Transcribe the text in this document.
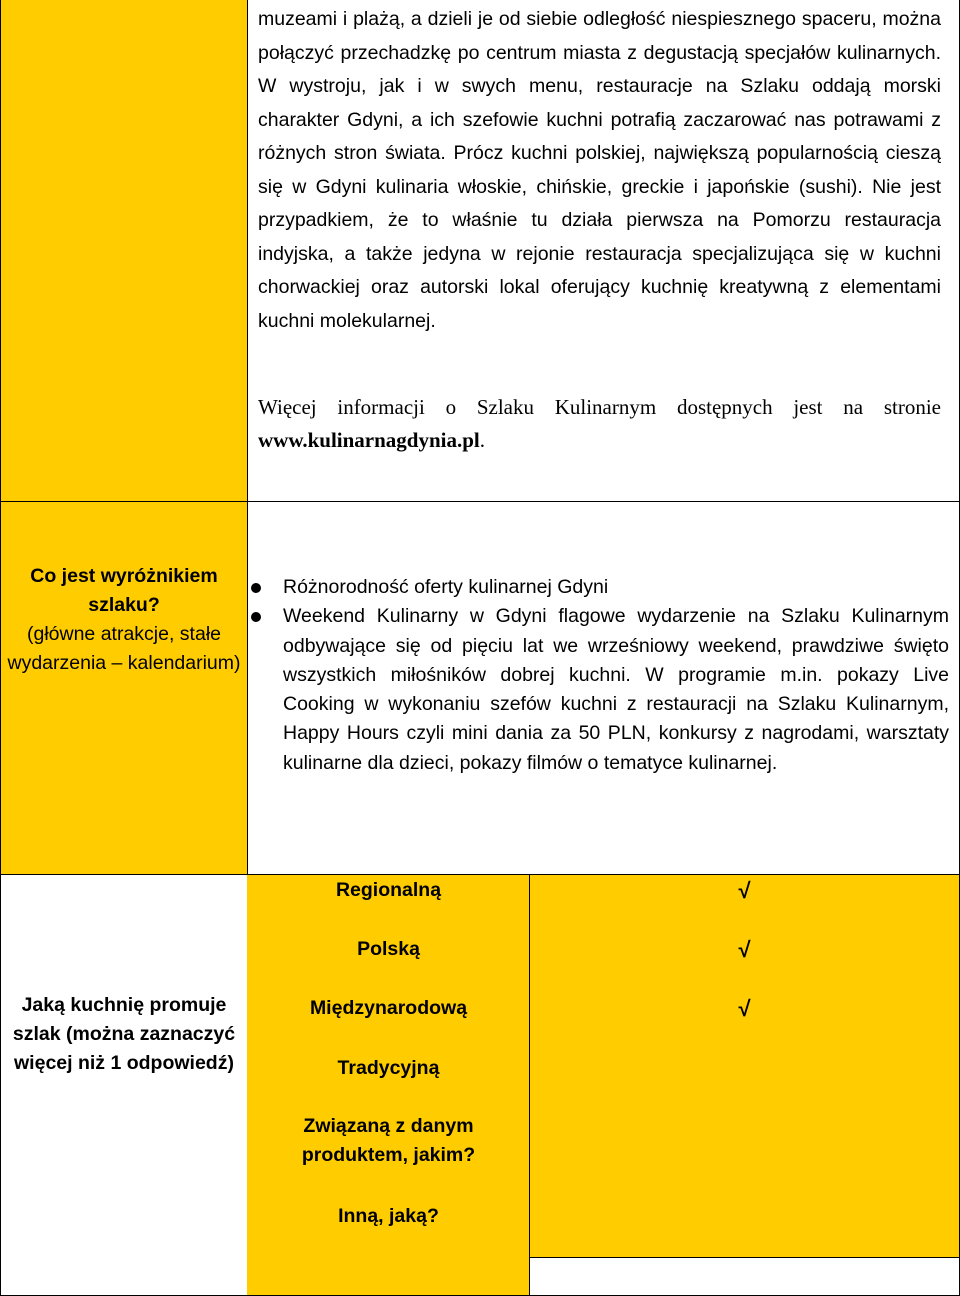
muzeami i plażą, a dzieli je od siebie odległość niespiesznego spaceru, można połączyć przechadzkę po centrum miasta z degustacją specjałów kulinarnych. W wystroju, jak i w swych menu, restauracje na Szlaku oddają morski charakter Gdyni, a ich szefowie kuchni potrafią zaczarować nas potrawami z różnych stron świata. Prócz kuchni polskiej, największą popularnością cieszą się w Gdyni kulinaria włoskie, chińskie, greckie i japońskie (sushi). Nie jest przypadkiem, że to właśnie tu działa pierwsza na Pomorzu restauracja indyjska, a także jedyna w rejonie restauracja specjalizująca się w kuchni chorwackiej oraz autorski lokal oferujący kuchnię kreatywną z elementami kuchni molekularnej.
Więcej informacji o Szlaku Kulinarnym dostępnych jest na stronie www.kulinarnagdynia.pl.
Co jest wyróżnikiem szlaku?
(główne atrakcje, stałe wydarzenia – kalendarium)
Różnorodność oferty kulinarnej Gdyni
Weekend Kulinarny w Gdyni flagowe wydarzenie na Szlaku Kulinarnym odbywające się od pięciu lat we wrześniowy weekend, prawdziwe święto wszystkich miłośników dobrej kuchni. W programie m.in. pokazy Live Cooking w wykonaniu szefów kuchni z restauracji na Szlaku Kulinarnym, Happy Hours czyli mini dania za 50 PLN, konkursy z nagrodami, warsztaty kulinarne dla dzieci, pokazy filmów o tematyce kulinarnej.
Jaką kuchnię promuje szlak (można zaznaczyć więcej niż 1 odpowiedź)
Regionalną
Polską
Międzynarodową
Tradycyjną
Związaną z danym produktem, jakim?
Inną, jaką?
√
√
√
